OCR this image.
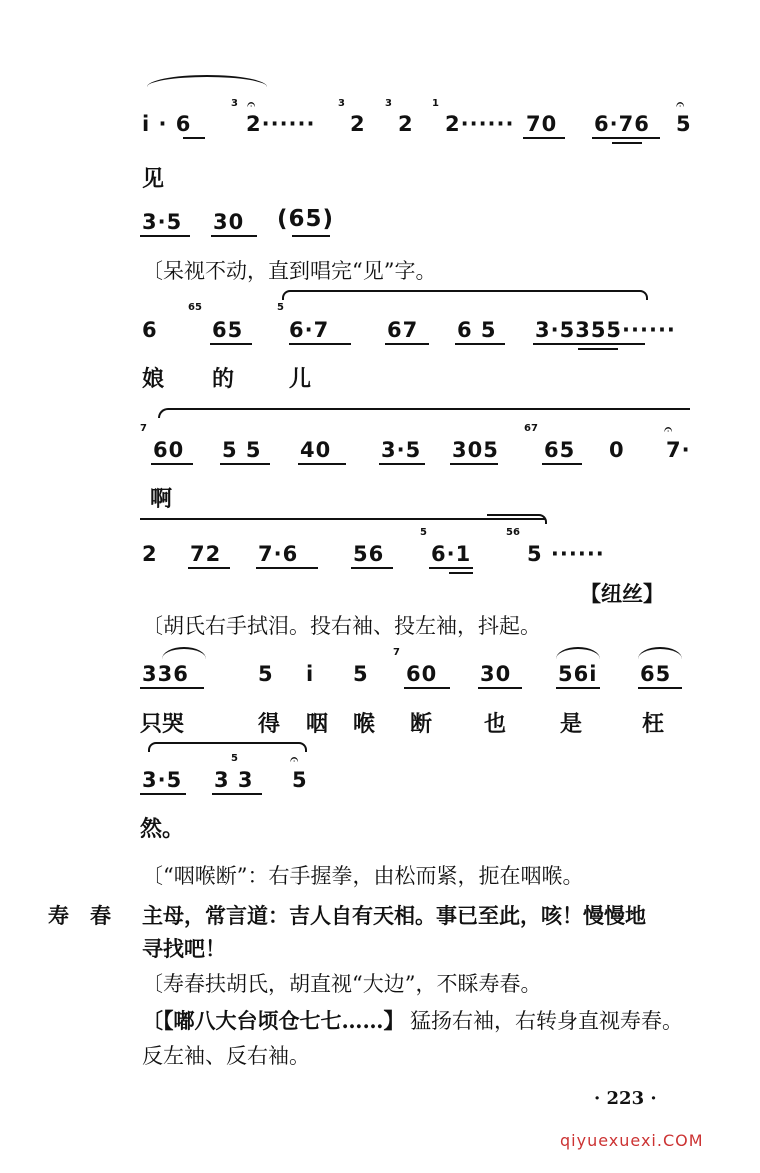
i · 6
3 𝄐
2······
3
2
3
2
1
2······ 70 6·76
𝄐
5
见
3·5 30 (65)
〔呆视不动，直到唱完“见”字。
6
65
65
5
6·7	67 6 5 3·5355······
娘 的 儿
7
60 5 5 40 3·5 305
67
65 0
𝄐
7·
啊
2 72 7·6	56
5
6·1
56
5 ······
【纽丝】
〔胡氏右手拭泪。投右袖、投左袖，抖起。
336	5 i 5
7
60 30 56i 65
只哭	得 咽 喉 断 也 是	枉
3·5
5
3 3
𝄐
5
然。
〔“咽喉断”：右手握拳，由松而紧，扼在咽喉。
寿　春 主母，常言道：吉人自有天相。事已至此，咳！慢慢地
寻找吧！
〔寿春扶胡氏，胡直视“大边”，不睬寿春。
〔【嘟八大台顷仓七七……】 猛扬右袖，右转身直视寿春。
反左袖、反右袖。
· 223 ·
qiyuexuexi.COM
